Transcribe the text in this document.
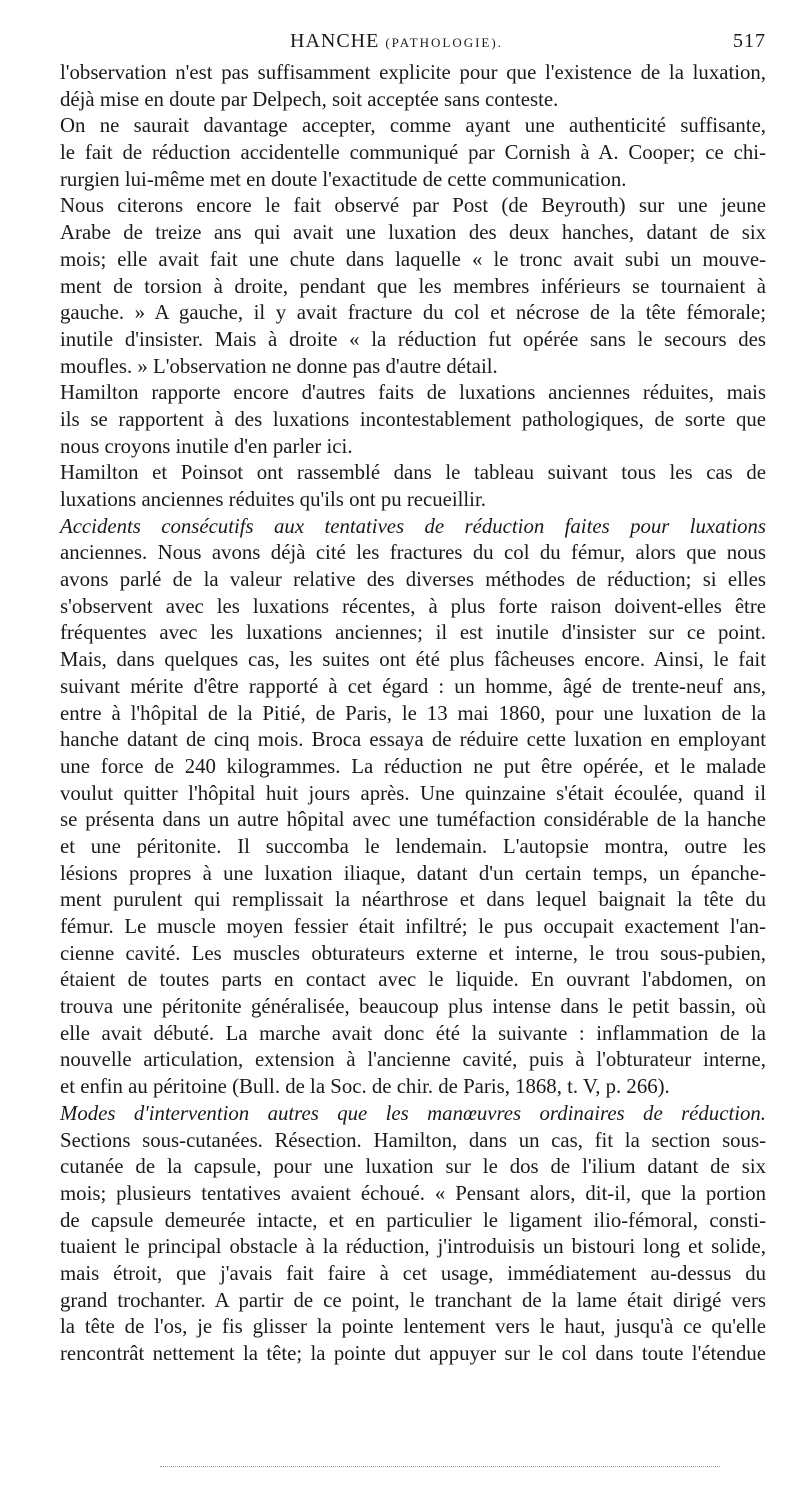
HANCHE (PATHOLOGIE).	517
l'observation n'est pas suffisamment explicite pour que l'existence de la luxation,
déjà mise en doute par Delpech, soit acceptée sans conteste.
On ne saurait davantage accepter, comme ayant une authenticité suffisante,
le fait de réduction accidentelle communiqué par Cornish à A. Cooper; ce chi-
rurgien lui-même met en doute l'exactitude de cette communication.
Nous citerons encore le fait observé par Post (de Beyrouth) sur une jeune
Arabe de treize ans qui avait une luxation des deux hanches, datant de six
mois; elle avait fait une chute dans laquelle « le tronc avait subi un mouve-
ment de torsion à droite, pendant que les membres inférieurs se tournaient à
gauche. » A gauche, il y avait fracture du col et nécrose de la tête fémorale;
inutile d'insister. Mais à droite « la réduction fut opérée sans le secours des
moufles. » L'observation ne donne pas d'autre détail.
Hamilton rapporte encore d'autres faits de luxations anciennes réduites, mais
ils se rapportent à des luxations incontestablement pathologiques, de sorte que
nous croyons inutile d'en parler ici.
Hamilton et Poinsot ont rassemblé dans le tableau suivant tous les cas de
luxations anciennes réduites qu'ils ont pu recueillir.
Accidents consécutifs aux tentatives de réduction faites pour luxations
anciennes. Nous avons déjà cité les fractures du col du fémur, alors que nous
avons parlé de la valeur relative des diverses méthodes de réduction; si elles
s'observent avec les luxations récentes, à plus forte raison doivent-elles être
fréquentes avec les luxations anciennes; il est inutile d'insister sur ce point.
Mais, dans quelques cas, les suites ont été plus fâcheuses encore. Ainsi, le fait
suivant mérite d'être rapporté à cet égard : un homme, âgé de trente-neuf ans,
entre à l'hôpital de la Pitié, de Paris, le 13 mai 1860, pour une luxation de la
hanche datant de cinq mois. Broca essaya de réduire cette luxation en employant
une force de 240 kilogrammes. La réduction ne put être opérée, et le malade
voulut quitter l'hôpital huit jours après. Une quinzaine s'était écoulée, quand il
se présenta dans un autre hôpital avec une tuméfaction considérable de la hanche
et une péritonite. Il succomba le lendemain. L'autopsie montra, outre les
lésions propres à une luxation iliaque, datant d'un certain temps, un épanche-
ment purulent qui remplissait la néarthrose et dans lequel baignait la tête du
fémur. Le muscle moyen fessier était infiltré; le pus occupait exactement l'an-
cienne cavité. Les muscles obturateurs externe et interne, le trou sous-pubien,
étaient de toutes parts en contact avec le liquide. En ouvrant l'abdomen, on
trouva une péritonite généralisée, beaucoup plus intense dans le petit bassin, où
elle avait débuté. La marche avait donc été la suivante : inflammation de la
nouvelle articulation, extension à l'ancienne cavité, puis à l'obturateur interne,
et enfin au péritoine (Bull. de la Soc. de chir. de Paris, 1868, t. V, p. 266).
Modes d'intervention autres que les manœuvres ordinaires de réduction.
Sections sous-cutanées. Résection. Hamilton, dans un cas, fit la section sous-
cutanée de la capsule, pour une luxation sur le dos de l'ilium datant de six
mois; plusieurs tentatives avaient échoué. « Pensant alors, dit-il, que la portion
de capsule demeurée intacte, et en particulier le ligament ilio-fémoral, consti-
tuaient le principal obstacle à la réduction, j'introduisis un bistouri long et solide,
mais étroit, que j'avais fait faire à cet usage, immédiatement au-dessus du
grand trochanter. A partir de ce point, le tranchant de la lame était dirigé vers
la tête de l'os, je fis glisser la pointe lentement vers le haut, jusqu'à ce qu'elle
rencontrât nettement la tête; la pointe dut appuyer sur le col dans toute l'étendue
